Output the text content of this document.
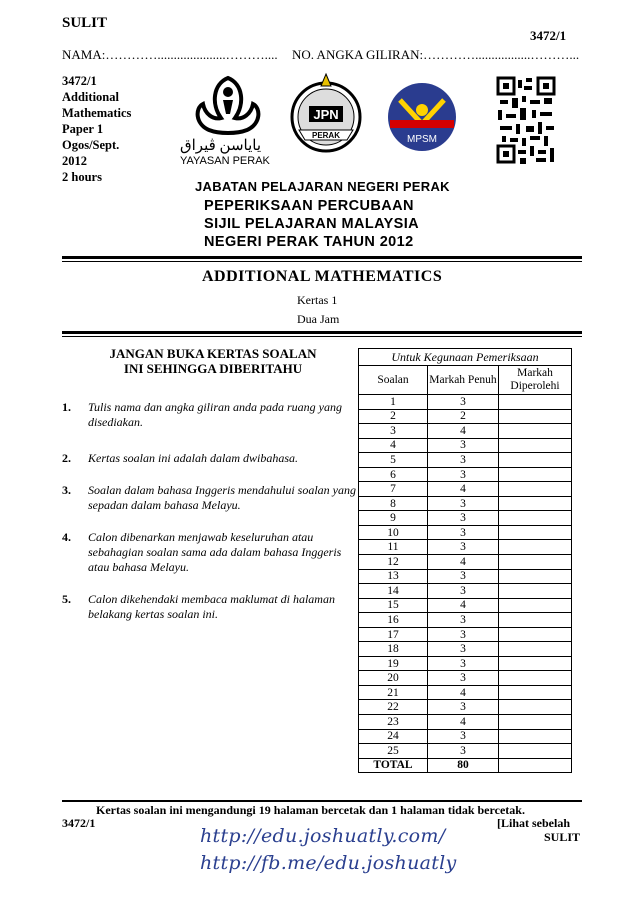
SULIT
3472/1
NAMA:………….....................……….... NO. ANGKA GILIRAN:………….................………...
3472/1
Additional
Mathematics
Paper 1
Ogos/Sept.
2012
2 hours
ياياسن ڤيراق
YAYASAN PERAK
JPN
PERAK	MPSM
JABATAN PELAJARAN NEGERI PERAK
PEPERIKSAAN PERCUBAAN
SIJIL PELAJARAN MALAYSIA
NEGERI PERAK TAHUN 2012
ADDITIONAL MATHEMATICS
Kertas 1
Dua Jam
JANGAN BUKA KERTAS SOALAN
INI SEHINGGA DIBERITAHU
1. Tulis nama dan angka giliran anda pada ruang yang disediakan.
2. Kertas soalan ini adalah dalam dwibahasa.
3. Soalan dalam bahasa Inggeris mendahului soalan yang sepadan dalam bahasa Melayu.
4. Calon dibenarkan menjawab keseluruhan atau sebahagian soalan sama ada dalam bahasa Inggeris atau bahasa Melayu.
5. Calon dikehendaki membaca maklumat di halaman belakang kertas soalan ini.
Untuk Kegunaan Pemeriksaan		
Soalan	Markah Penuh	Markah Diperolehi
1	3	
2	2	
3	4	
4	3	
5	3	
6	3	
7	4	
8	3	
9	3	
10	3	
11	3	
12	4	
13	3	
14	3	
15	4	
16	3	
17	3	
18	3	
19	3	
20	3	
21	4	
22	3	
23	4	
24	3	
25	3	
TOTAL	80	
Kertas soalan ini mengandungi 19 halaman bercetak dan 1 halaman tidak bercetak.
3472/1	[Lihat sebelah
SULIT
http://edu.joshuatly.com/
http://fb.me/edu.joshuatly
